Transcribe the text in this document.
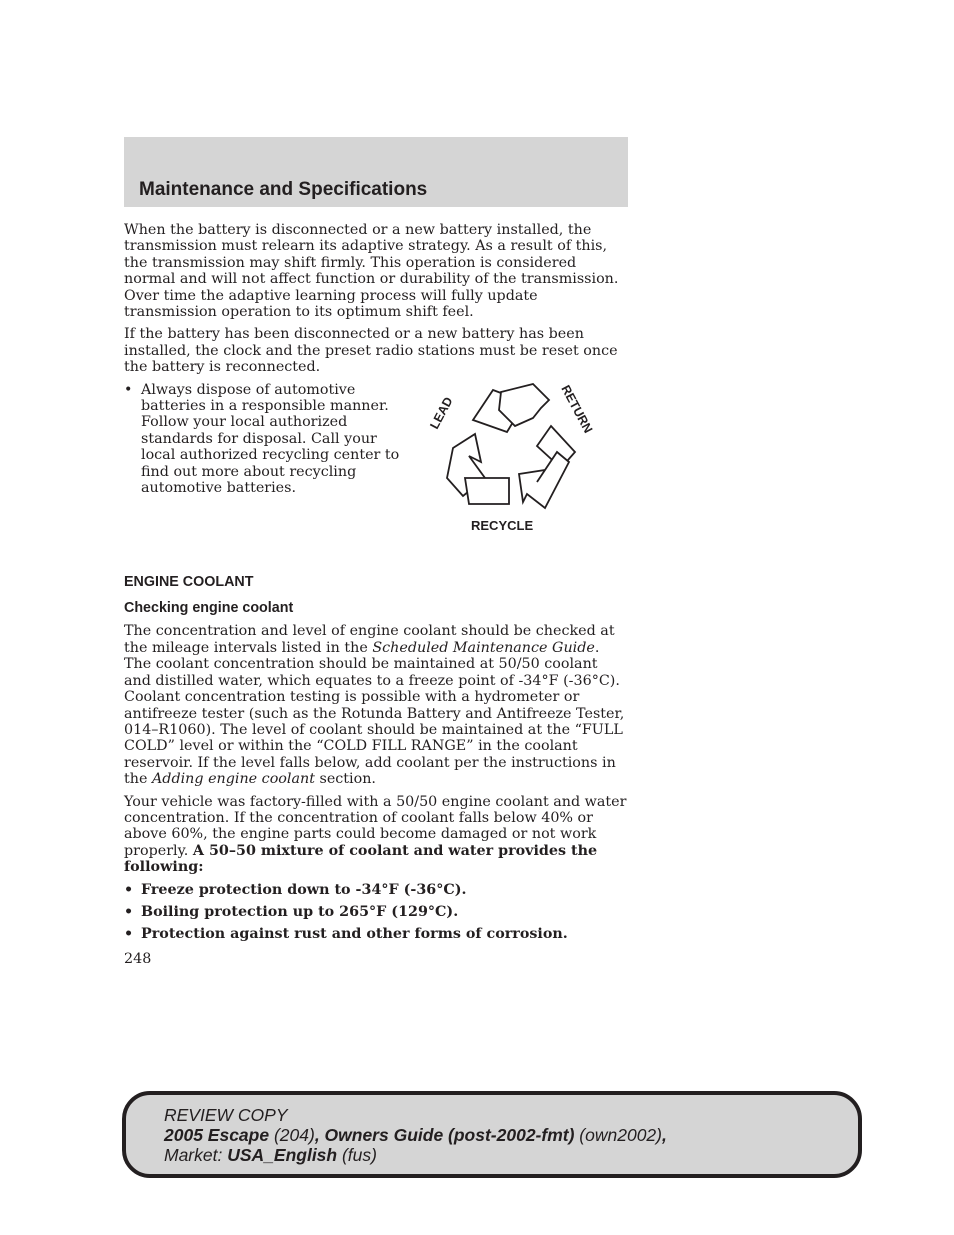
Maintenance and Specifications

When the battery is disconnected or a new battery installed, the transmission must relearn its adaptive strategy. As a result of this, the transmission may shift firmly. This operation is considered normal and will not affect function or durability of the transmission. Over time the adaptive learning process will fully update transmission operation to its optimum shift feel.

If the battery has been disconnected or a new battery has been installed, the clock and the preset radio stations must be reset once the battery is reconnected.

• Always dispose of automotive batteries in a responsible manner. Follow your local authorized standards for disposal. Call your local authorized recycling center to find out more about recycling automotive batteries.
LEAD	RETURN
RECYCLE
ENGINE COOLANT
Checking engine coolant

The concentration and level of engine coolant should be checked at the mileage intervals listed in the Scheduled Maintenance Guide. The coolant concentration should be maintained at 50/50 coolant and distilled water, which equates to a freeze point of -34°F (-36°C). Coolant concentration testing is possible with a hydrometer or antifreeze tester (such as the Rotunda Battery and Antifreeze Tester, 014–R1060). The level of coolant should be maintained at the “FULL COLD” level or within the “COLD FILL RANGE” in the coolant reservoir. If the level falls below, add coolant per the instructions in the Adding engine coolant section.

Your vehicle was factory-filled with a 50/50 engine coolant and water concentration. If the concentration of coolant falls below 40% or above 60%, the engine parts could become damaged or not work properly. A 50–50 mixture of coolant and water provides the following:

• Freeze protection down to -34°F (-36°C).
• Boiling protection up to 265°F (129°C).
• Protection against rust and other forms of corrosion.
248
REVIEW COPY
2005 Escape (204), Owners Guide (post-2002-fmt) (own2002),
Market: USA_English (fus)
